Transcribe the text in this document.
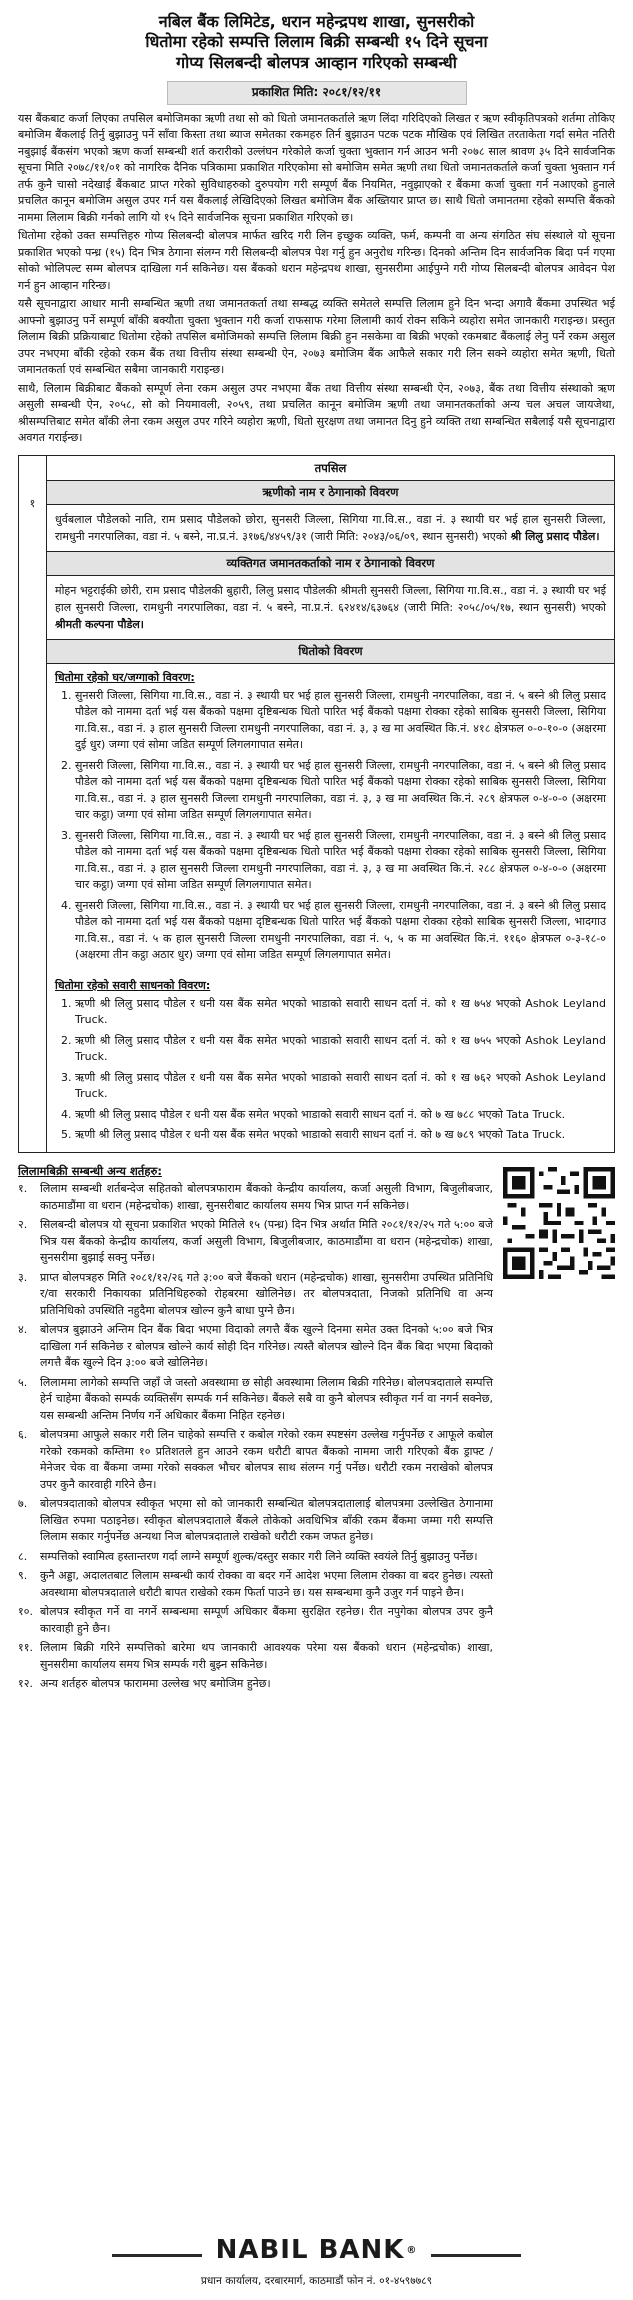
नबिल बैंक लिमिटेड, धरान महेन्द्रपथ शाखा, सुनसरीको
धितोमा रहेको सम्पत्ति लिलाम बिक्री सम्बन्धी १५ दिने सूचना
गोप्य सिलबन्दी बोलपत्र आव्हान गरिएको सम्बन्धी
प्रकाशित मिति: २०८१/१२/११

यस बैंकबाट कर्जा लिएका तपसिल बमोजिमका ऋणी तथा सो को धितो जमानतकर्ताले ऋण लिंदा गरिदिएको लिखत र ऋण स्वीकृतिपत्रको शर्तमा तोकिए बमोजिम बैंकलाई तिर्नु बुझाउनु पर्ने साँवा किस्ता तथा ब्याज समेतका रकमहरु तिर्न बुझाउन पटक पटक मौखिक एवं लिखित तरताकेता गर्दा समेत नतिरी नबुझाई बैंकसंग भएको ऋण कर्जा सम्बन्धी शर्त करारीको उल्लंघन गरेकोले कर्जा चुक्ता भुक्तान गर्न आउन भनी २०७८ साल श्रावण ३५ दिने सार्वजनिक सूचना मिति २०७८/११/०१ को नागरिक दैनिक पत्रिकामा प्रकाशित गरिएकोमा सो बमोजिम समेत ऋणी तथा धितो जमानतकर्ताले कर्जा चुक्ता भुक्तान गर्न तर्फ कुनै चासो नदेखाई बैंकबाट प्राप्त गरेको सुविधाहरुको दुरुपयोग गरी सम्पूर्ण बैंक नियमित, नवुझाएको र बैंकमा कर्जा चुक्ता गर्न नआएको हुनाले प्रचलित कानून बमोजिम असुल उपर गर्न यस बैंकलाई लेखिदिएको लिखत बमोजिम बैंक अख्तियार प्राप्त छ। साथै धितो जमानतमा रहेको सम्पत्ति बैंकको नाममा लिलाम बिक्री गर्नको लागि यो १५ दिने सार्वजनिक सूचना प्रकाशित गरिएको छ।

धितोमा रहेको उक्त सम्पत्तिहरु गोप्य सिलबन्दी बोलपत्र मार्फत खरिद गरी लिन इच्छुक व्यक्ति, फर्म, कम्पनी वा अन्य संगठित संघ संस्थाले यो सूचना प्रकाशित भएको पन्ध्र (१५) दिन भित्र ठेगाना संलग्न गरी सिलबन्दी बोलपत्र पेश गर्नु हुन अनुरोध गरिन्छ। दिनको अन्तिम दिन सार्वजनिक बिदा पर्न गएमा सोको भोलिपल्ट सम्म बोलपत्र दाखिला गर्न सकिनेछ। यस बैंकको धरान महेन्द्रपथ शाखा, सुनसरीमा आईपुग्ने गरी गोप्य सिलबन्दी बोलपत्र आवेदन पेश गर्न हुन आव्हान गरिन्छ।

यसै सूचनाद्वारा आधार मानी सम्बन्धित ऋणी तथा जमानतकर्ता तथा सम्बद्ध व्यक्ति समेतले सम्पत्ति लिलाम हुने दिन भन्दा अगावै बैंकमा उपस्थित भई आफ्नो बुझाउनु पर्ने सम्पूर्ण बाँकी बक्यौता चुक्ता भुक्तान गरी कर्जा राफसाफ गरेमा लिलामी कार्य रोक्न सकिने व्यहोरा समेत जानकारी गराइन्छ। प्रस्तुत लिलाम बिक्री प्रक्रियाबाट धितोमा रहेको तपसिल बमोजिमको सम्पत्ति लिलाम बिक्री हुन नसकेमा वा बिक्री भएको रकमबाट बैंकलाई लेनु पर्ने रकम असुल उपर नभएमा बाँकी रहेको रकम बैंक तथा वित्तीय संस्था सम्बन्धी ऐन, २०७३ बमोजिम बैंक आफैले सकार गरी लिन सक्ने व्यहोरा समेत ऋणी, धितो जमानतकर्ता एवं सम्बन्धित सबैमा जानकारी गराइन्छ।

साथै, लिलाम बिक्रीबाट बैंकको सम्पूर्ण लेना रकम असुल उपर नभएमा बैंक तथा वित्तीय संस्था सम्बन्धी ऐन, २०७३, बैंक तथा वित्तीय संस्थाको ऋण असुली सम्बन्धी ऐन, २०५८, सो को नियमावली, २०५९, तथा प्रचलित कानून बमोजिम ऋणी तथा जमानतकर्ताको अन्य चल अचल जायजेथा, श्रीसम्पत्तिबाट समेत बाँकी लेना रकम असुल उपर गरिने व्यहोरा ऋणी, धितो सुरक्षण तथा जमानत दिनु हुने व्यक्ति तथा सम्बन्धित सबैलाई यसै सूचनाद्वारा अवगत गराईन्छ।

१
तपसिल
ऋणीको नाम र ठेगानाको विवरण
धुर्वबलाल पौडेलको नाति, राम प्रसाद पौडेलको छोरा, सुनसरी जिल्ला, सिगिया गा.वि.स., वडा नं. ३ स्थायी घर भई हाल सुनसरी जिल्ला, रामधुनी नगरपालिका, वडा नं. ५ बस्ने, ना.प्र.नं. ३१७६/४४५९/३१ (जारी मिति: २०४३/०६/०९, स्थान सुनसरी) भएको श्री लिलु प्रसाद पौडेल।
व्यक्तिगत जमानतकर्ताको नाम र ठेगानाको विवरण
मोहन भट्टराईकी छोरी, राम प्रसाद पौडेलकी बुहारी, लिलु प्रसाद पौडेलकी श्रीमती सुनसरी जिल्ला, सिगिया गा.वि.स., वडा नं. ३ स्थायी घर भई हाल सुनसरी जिल्ला, रामधुनी नगरपालिका, वडा नं. ५ बस्ने, ना.प्र.नं. ६२४१४/६३७६४ (जारी मिति: २०५८/०५/१७, स्थान सुनसरी) भएको श्रीमती कल्पना पौडेल।
धितोको विवरण
धितोमा रहेको घर/जग्गाको विवरण:
1. सुनसरी जिल्ला, सिगिया गा.वि.स., वडा नं. ३ स्थायी घर भई हाल सुनसरी जिल्ला, रामधुनी नगरपालिका, वडा नं. ५ बस्ने श्री लिलु प्रसाद पौडेल को नाममा दर्ता भई यस बैंकको पक्षमा दृष्टिबन्धक धितो पारित भई बैंकको पक्षमा रोक्का रहेको साबिक सुनसरी जिल्ला, सिगिया गा.वि.स., वडा नं. ३ हाल सुनसरी जिल्ला रामधुनी नगरपालिका, वडा नं. ३, ३ ख मा अवस्थित कि.नं. ४१८ क्षेत्रफल ०-०-१०-० (अक्षरमा दुई धुर) जग्गा एवं सोमा जडित सम्पूर्ण लिगलगापात समेत।
2. सुनसरी जिल्ला, सिगिया गा.वि.स., वडा नं. ३ स्थायी घर भई हाल सुनसरी जिल्ला, रामधुनी नगरपालिका, वडा नं. ५ बस्ने श्री लिलु प्रसाद पौडेल को नाममा दर्ता भई यस बैंकको पक्षमा दृष्टिबन्धक धितो पारित भई बैंकको पक्षमा रोक्का रहेको साबिक सुनसरी जिल्ला, सिगिया गा.वि.स., वडा नं. ३ हाल सुनसरी जिल्ला रामधुनी नगरपालिका, वडा नं. ३, ३ ख मा अवस्थित कि.नं. २८९ क्षेत्रफल ०-४-०-० (अक्षरमा चार कट्ठा) जग्गा एवं सोमा जडित सम्पूर्ण लिगलगापात समेत।
3. सुनसरी जिल्ला, सिगिया गा.वि.स., वडा नं. ३ स्थायी घर भई हाल सुनसरी जिल्ला, रामधुनी नगरपालिका, वडा नं. ३ बस्ने श्री लिलु प्रसाद पौडेल को नाममा दर्ता भई यस बैंकको पक्षमा दृष्टिबन्धक धितो पारित भई बैंकको पक्षमा रोक्का रहेको साबिक सुनसरी जिल्ला, सिगिया गा.वि.स., वडा नं. ३ हाल सुनसरी जिल्ला रामधुनी नगरपालिका, वडा नं. ३, ३ ख मा अवस्थित कि.नं. २८८ क्षेत्रफल ०-४-०-० (अक्षरमा चार कट्ठा) जग्गा एवं सोमा जडित सम्पूर्ण लिगलगापात समेत।
4. सुनसरी जिल्ला, सिगिया गा.वि.स., वडा नं. ३ स्थायी घर भई हाल सुनसरी जिल्ला, रामधुनी नगरपालिका, वडा नं. ३ बस्ने श्री लिलु प्रसाद पौडेल को नाममा दर्ता भई यस बैंकको पक्षमा दृष्टिबन्धक धितो पारित भई बैंकको पक्षमा रोक्का रहेको साबिक सुनसरी जिल्ला, भादगाउ गा.वि.स., वडा नं. ५ क हाल सुनसरी जिल्ला रामधुनी नगरपालिका, वडा नं. ५, ५ क मा अवस्थित कि.नं. ११६० क्षेत्रफल ०-३-१८-० (अक्षरमा तीन कट्ठा अठार धुर) जग्गा एवं सोमा जडित सम्पूर्ण लिगलगापात समेत।
धितोमा रहेको सवारी साधनको विवरण:
1. ऋणी श्री लिलु प्रसाद पौडेल र धनी यस बैंक समेत भएको भाडाको सवारी साधन दर्ता नं. को १ ख ७५४ भएको Ashok Leyland Truck.
2. ऋणी श्री लिलु प्रसाद पौडेल र धनी यस बैंक समेत भएको भाडाको सवारी साधन दर्ता नं. को १ ख ७५५ भएको Ashok Leyland Truck.
3. ऋणी श्री लिलु प्रसाद पौडेल र धनी यस बैंक समेत भएको भाडाको सवारी साधन दर्ता नं. को १ ख ७६२ भएको Ashok Leyland Truck.
4. ऋणी श्री लिलु प्रसाद पौडेल र धनी यस बैंक समेत भएको भाडाको सवारी साधन दर्ता नं. को ७ ख ७८८ भएको Tata Truck.
5. ऋणी श्री लिलु प्रसाद पौडेल र धनी यस बैंक समेत भएको भाडाको सवारी साधन दर्ता नं. को ७ ख ७८९ भएको Tata Truck.
लिलामबिक्री सम्बन्धी अन्य शर्तहरु:
१.	लिलाम सम्बन्धी शर्तबन्देज सहितको बोलपत्रफाराम बैंकको केन्द्रीय कार्यालय, कर्जा असुली विभाग, बिजुलीबजार, काठमाडौंमा वा धरान (महेन्द्रचोक) शाखा, सुनसरीबाट कार्यालय समय भित्र प्राप्त गर्न सकिनेछ।
२.	सिलबन्दी बोलपत्र यो सूचना प्रकाशित भएको मितिले १५ (पन्ध्र) दिन भित्र अर्थात मिति २०८१/१२/२५ गते ५:०० बजे भित्र यस बैंकको केन्द्रीय कार्यालय, कर्जा असुली विभाग, बिजुलीबजार, काठमाडौंमा वा धरान (महेन्द्रचोक) शाखा, सुनसरीमा बुझाई सक्नु पर्नेछ।
३.	प्राप्त बोलपत्रहरु मिति २०८१/१२/२६ गते ३:०० बजे बैंकको धरान (महेन्द्रचोक) शाखा, सुनसरीमा उपस्थित प्रतिनिधि र/वा सरकारी निकायका प्रतिनिधिहरुको रोहबरमा खोलिनेछ। तर बोलपत्रदाता, निजको प्रतिनिधि वा अन्य प्रतिनिधिको उपस्थिति नहुदैमा बोलपत्र खोल्न कुनै बाधा पुग्ने छैन।
४.	बोलपत्र बुझाउने अन्तिम दिन बैंक बिदा भएमा विदाको लगत्तै बैंक खुल्ने दिनमा समेत उक्त दिनको ५:०० बजे भित्र दाखिला गर्न सकिनेछ र बोलपत्र खोल्ने कार्य सोही दिन गरिनेछ। त्यस्तै बोलपत्र खोल्ने दिन बैंक बिदा भएमा बिदाको लगत्तै बैंक खुल्ने दिन ३:०० बजे खोलिनेछ।
५.	लिलाममा लागेको सम्पत्ति जहाँ जे जस्तो अवस्थामा छ सोही अवस्थामा लिलाम बिक्री गरिनेछ। बोलपत्रदाताले सम्पत्ति हेर्न चाहेमा बैंकको सम्पर्क व्यक्तिसँग सम्पर्क गर्न सकिनेछ। बैंकले सबै वा कुनै बोलपत्र स्वीकृत गर्न वा नगर्न सक्नेछ, यस सम्बन्धी अन्तिम निर्णय गर्ने अधिकार बैंकमा निहित रहनेछ।
६.	बोलपत्रमा आफुले सकार गरी लिन चाहेको सम्पत्ति र कबोल गरेको रकम स्पष्टसंग उल्लेख गर्नुपर्नेछ र आफूले कबोल गरेको रकमको कम्तिमा १० प्रतिशतले हुन आउने रकम धरौटी बापत बैंकको नाममा जारी गरिएको बैंक ड्राफ्ट / मेनेजर चेक वा बैंकमा जम्मा गरेको सक्कल भौचर बोलपत्र साथ संलग्न गर्नु पर्नेछ। धरौटी रकम नराखेको बोलपत्र उपर कुनै कारवाही गरिने छैन।
७.	बोलपत्रदाताको बोलपत्र स्वीकृत भएमा सो को जानकारी सम्बन्धित बोलपत्रदातालाई बोलपत्रमा उल्लेखित ठेगानामा लिखित रुपमा पठाइनेछ। स्वीकृत बोलपत्रदाताले बैंकले तोकेको अवधिभित्र बाँकी रकम बैंकमा जम्मा गरी सम्पत्ति लिलाम सकार गर्नुपर्नेछ अन्यथा निज बोलपत्रदाताले राखेको धरौटी रकम जफत हुनेछ।
८.	सम्पत्तिको स्वामित्व हस्तान्तरण गर्दा लाग्ने सम्पूर्ण शुल्क/दस्तुर सकार गरी लिने व्यक्ति स्वयंले तिर्नु बुझाउनु पर्नेछ।
९.	कुनै अड्डा, अदालतबाट लिलाम सम्बन्धी कार्य रोक्का वा बदर गर्ने आदेश भएमा लिलाम रोक्का वा बदर हुनेछ। त्यस्तो अवस्थामा बोलपत्रदाताले धरौटी बापत राखेको रकम फिर्ता पाउने छ। यस सम्बन्धमा कुनै उजुर गर्न पाइने छैन।
१०. बोलपत्र स्वीकृत गर्ने वा नगर्ने सम्बन्धमा सम्पूर्ण अधिकार बैंकमा सुरक्षित रहनेछ। रीत नपुगेका बोलपत्र उपर कुनै कारवाही हुने छैन।
११. लिलाम बिक्री गरिने सम्पत्तिको बारेमा थप जानकारी आवश्यक परेमा यस बैंकको धरान (महेन्द्रचोक) शाखा, सुनसरीमा कार्यालय समय भित्र सम्पर्क गरी बुझ्न सकिनेछ।
१२. अन्य शर्तहरु बोलपत्र फाराममा उल्लेख भए बमोजिम हुनेछ।

NABIL BANK ®

प्रधान कार्यालय, दरबारमार्ग, काठमाडौं फोन नं. ०१-४५९७७८९
